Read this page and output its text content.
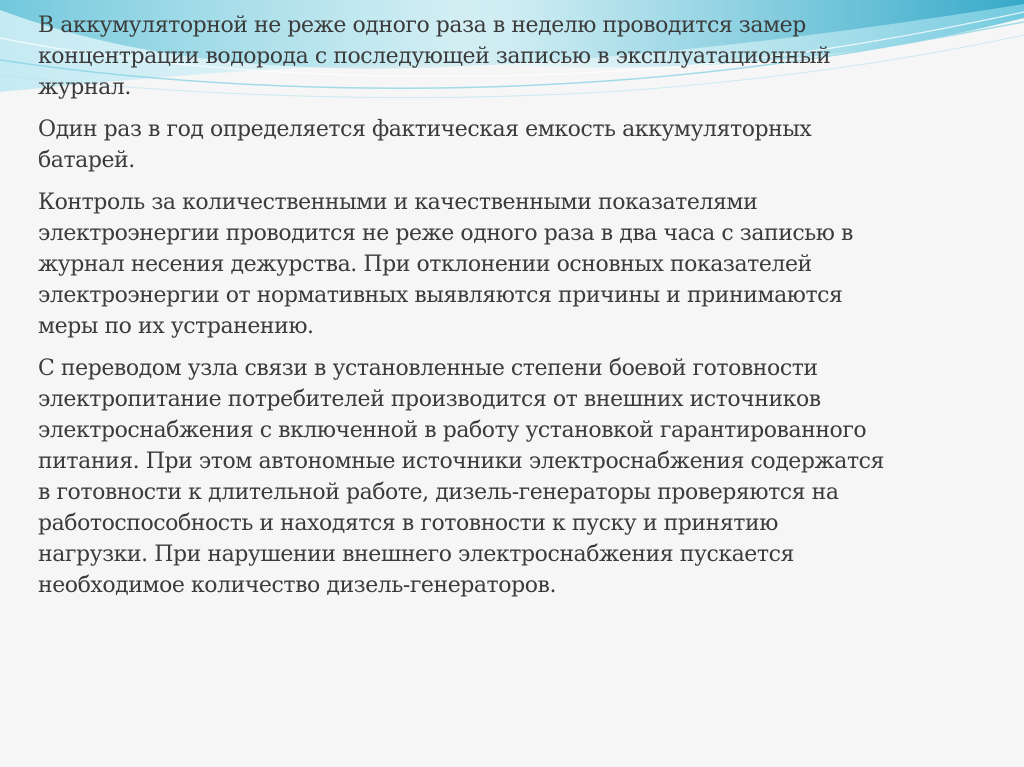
В аккумуляторной не реже одного раза в неделю проводится замер
концентрации водорода с последующей записью в эксплуатационный
журнал.

Один раз в год определяется фактическая емкость аккумуляторных
батарей.

Контроль за количественными и качественными показателями
электроэнергии проводится не реже одного раза в два часа с записью в
журнал несения дежурства. При отклонении основных показателей
электроэнергии от нормативных выявляются причины и принимаются
меры по их устранению.

С переводом узла связи в установленные степени боевой готовности
электропитание потребителей производится от внешних источников
электроснабжения с включенной в работу установкой гарантированного
питания. При этом автономные источники электроснабжения содержатся
в готовности к длительной работе, дизель-генераторы проверяются на
работоспособность и находятся в готовности к пуску и принятию
нагрузки. При нарушении внешнего электроснабжения пускается
необходимое количество дизель-генераторов.
